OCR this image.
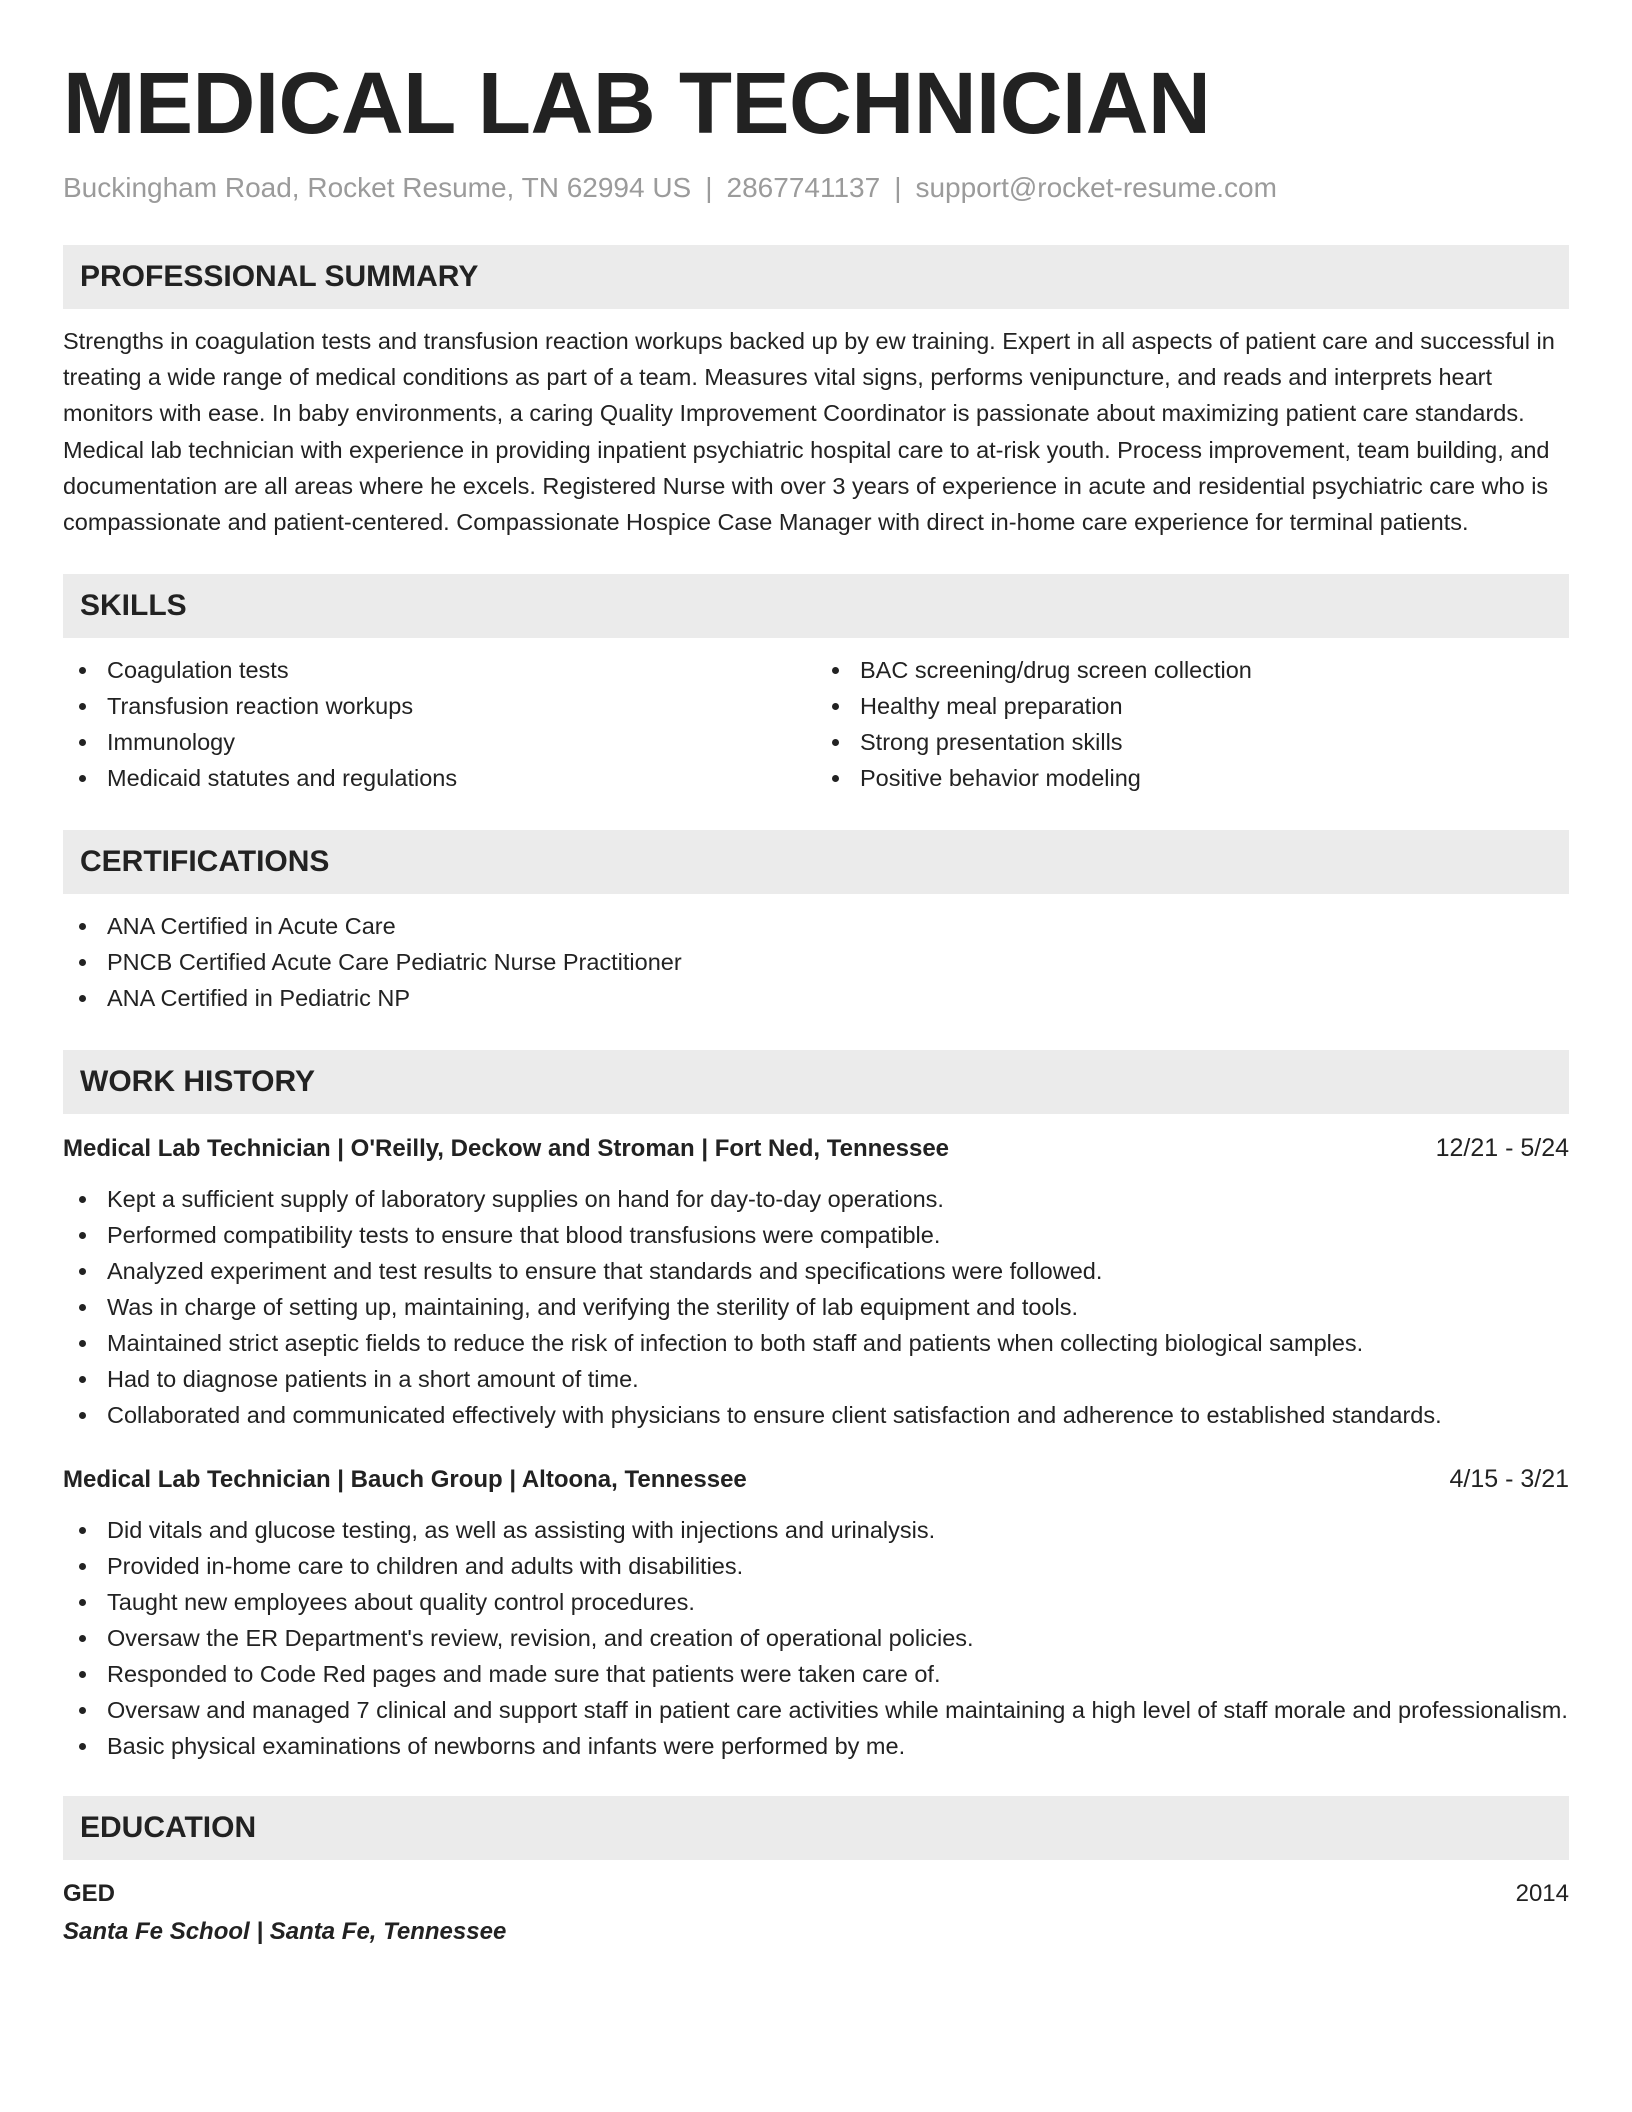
MEDICAL LAB TECHNICIAN
Buckingham Road, Rocket Resume, TN 62994 US | 2867741137 | support@rocket-resume.com
PROFESSIONAL SUMMARY

Strengths in coagulation tests and transfusion reaction workups backed up by ew training. Expert in all aspects of patient care and successful in treating a wide range of medical conditions as part of a team. Measures vital signs, performs venipuncture, and reads and interprets heart monitors with ease. In baby environments, a caring Quality Improvement Coordinator is passionate about maximizing patient care standards. Medical lab technician with experience in providing inpatient psychiatric hospital care to at-risk youth. Process improvement, team building, and documentation are all areas where he excels. Registered Nurse with over 3 years of experience in acute and residential psychiatric care who is compassionate and patient-centered. Compassionate Hospice Case Manager with direct in-home care experience for terminal patients.

SKILLS
Coagulation tests
Transfusion reaction workups
Immunology
Medicaid statutes and regulations
BAC screening/drug screen collection
Healthy meal preparation
Strong presentation skills
Positive behavior modeling
CERTIFICATIONS
ANA Certified in Acute Care
PNCB Certified Acute Care Pediatric Nurse Practitioner
ANA Certified in Pediatric NP
WORK HISTORY
Medical Lab Technician | O'Reilly, Deckow and Stroman | Fort Ned, Tennessee	12/21 - 5/24
Kept a sufficient supply of laboratory supplies on hand for day-to-day operations.
Performed compatibility tests to ensure that blood transfusions were compatible.
Analyzed experiment and test results to ensure that standards and specifications were followed.
Was in charge of setting up, maintaining, and verifying the sterility of lab equipment and tools.
Maintained strict aseptic fields to reduce the risk of infection to both staff and patients when collecting biological samples.
Had to diagnose patients in a short amount of time.
Collaborated and communicated effectively with physicians to ensure client satisfaction and adherence to established standards.
Medical Lab Technician | Bauch Group | Altoona, Tennessee	4/15 - 3/21
Did vitals and glucose testing, as well as assisting with injections and urinalysis.
Provided in-home care to children and adults with disabilities.
Taught new employees about quality control procedures.
Oversaw the ER Department's review, revision, and creation of operational policies.
Responded to Code Red pages and made sure that patients were taken care of.
Oversaw and managed 7 clinical and support staff in patient care activities while maintaining a high level of staff morale and professionalism.
Basic physical examinations of newborns and infants were performed by me.
EDUCATION
GED	2014
Santa Fe School | Santa Fe, Tennessee
